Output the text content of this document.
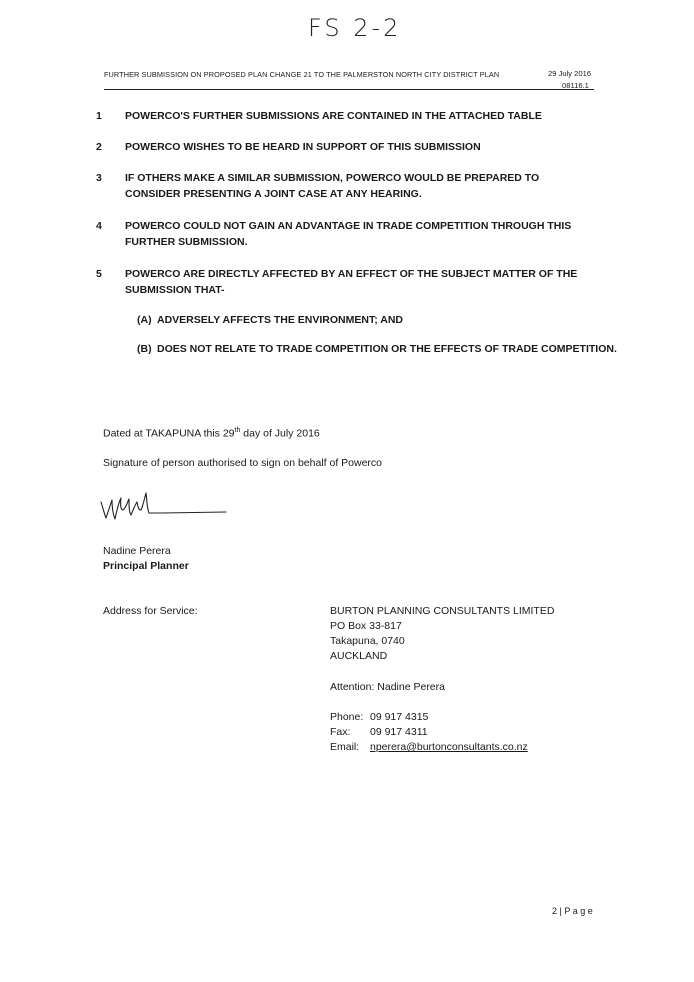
FS 2-2
FURTHER SUBMISSION ON PROPOSED PLAN CHANGE 21 TO THE PALMERSTON NORTH CITY DISTRICT PLAN	29 July 2016
08116.1
1 POWERCO'S FURTHER SUBMISSIONS ARE CONTAINED IN THE ATTACHED TABLE
2 POWERCO WISHES TO BE HEARD IN SUPPORT OF THIS SUBMISSION
3 IF OTHERS MAKE A SIMILAR SUBMISSION, POWERCO WOULD BE PREPARED TO CONSIDER PRESENTING A JOINT CASE AT ANY HEARING.
4 POWERCO COULD NOT GAIN AN ADVANTAGE IN TRADE COMPETITION THROUGH THIS FURTHER SUBMISSION.
5 POWERCO ARE DIRECTLY AFFECTED BY AN EFFECT OF THE SUBJECT MATTER OF THE SUBMISSION THAT-
(A) ADVERSELY AFFECTS THE ENVIRONMENT; AND
(B) DOES NOT RELATE TO TRADE COMPETITION OR THE EFFECTS OF TRADE COMPETITION.
Dated at TAKAPUNA this 29th day of July 2016
Signature of person authorised to sign on behalf of Powerco
Nadine Perera
Principal Planner
Address for Service:	BURTON PLANNING CONSULTANTS LIMITED
PO Box 33-817
Takapuna, 0740
AUCKLAND
Attention: Nadine Perera
Phone: 09 917 4315
Fax: 09 917 4311
Email: nperera@burtonconsultants.co.nz
2 | P a g e
